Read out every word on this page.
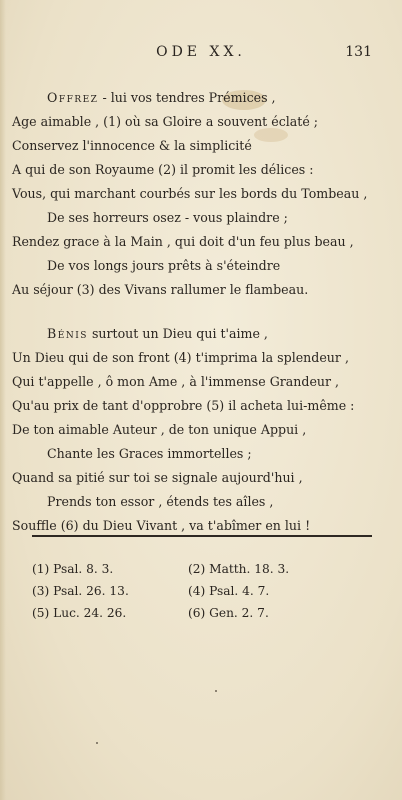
ODE XX.	131
Offrez - lui vos tendres Prémices ,
Age aimable , (1) où sa Gloire a souvent éclaté ;
Conservez l'innocence & la simplicité
A qui de son Royaume (2) il promit les délices :
Vous, qui marchant courbés sur les bords du Tombeau ,
De ses horreurs osez - vous plaindre ;
Rendez grace à la Main , qui doit d'un feu plus beau ,
De vos longs jours prêts à s'éteindre
Au séjour (3) des Vivans rallumer le flambeau.
Bénis surtout un Dieu qui t'aime ,
Un Dieu qui de son front (4) t'imprima la splendeur ,
Qui t'appelle , ô mon Ame , à l'immense Grandeur ,
Qu'au prix de tant d'opprobre (5) il acheta lui-même :
De ton aimable Auteur , de ton unique Appui ,
Chante les Graces immortelles ;
Quand sa pitié sur toi se signale aujourd'hui ,
Prends ton essor , étends tes aîles ,
Souffle (6) du Dieu Vivant , va t'abîmer en lui !
(1) Psal. 8. 3.	(2) Matth. 18. 3.
(3) Psal. 26. 13.	(4) Psal. 4. 7.
(5) Luc. 24. 26.	(6) Gen. 2. 7.
